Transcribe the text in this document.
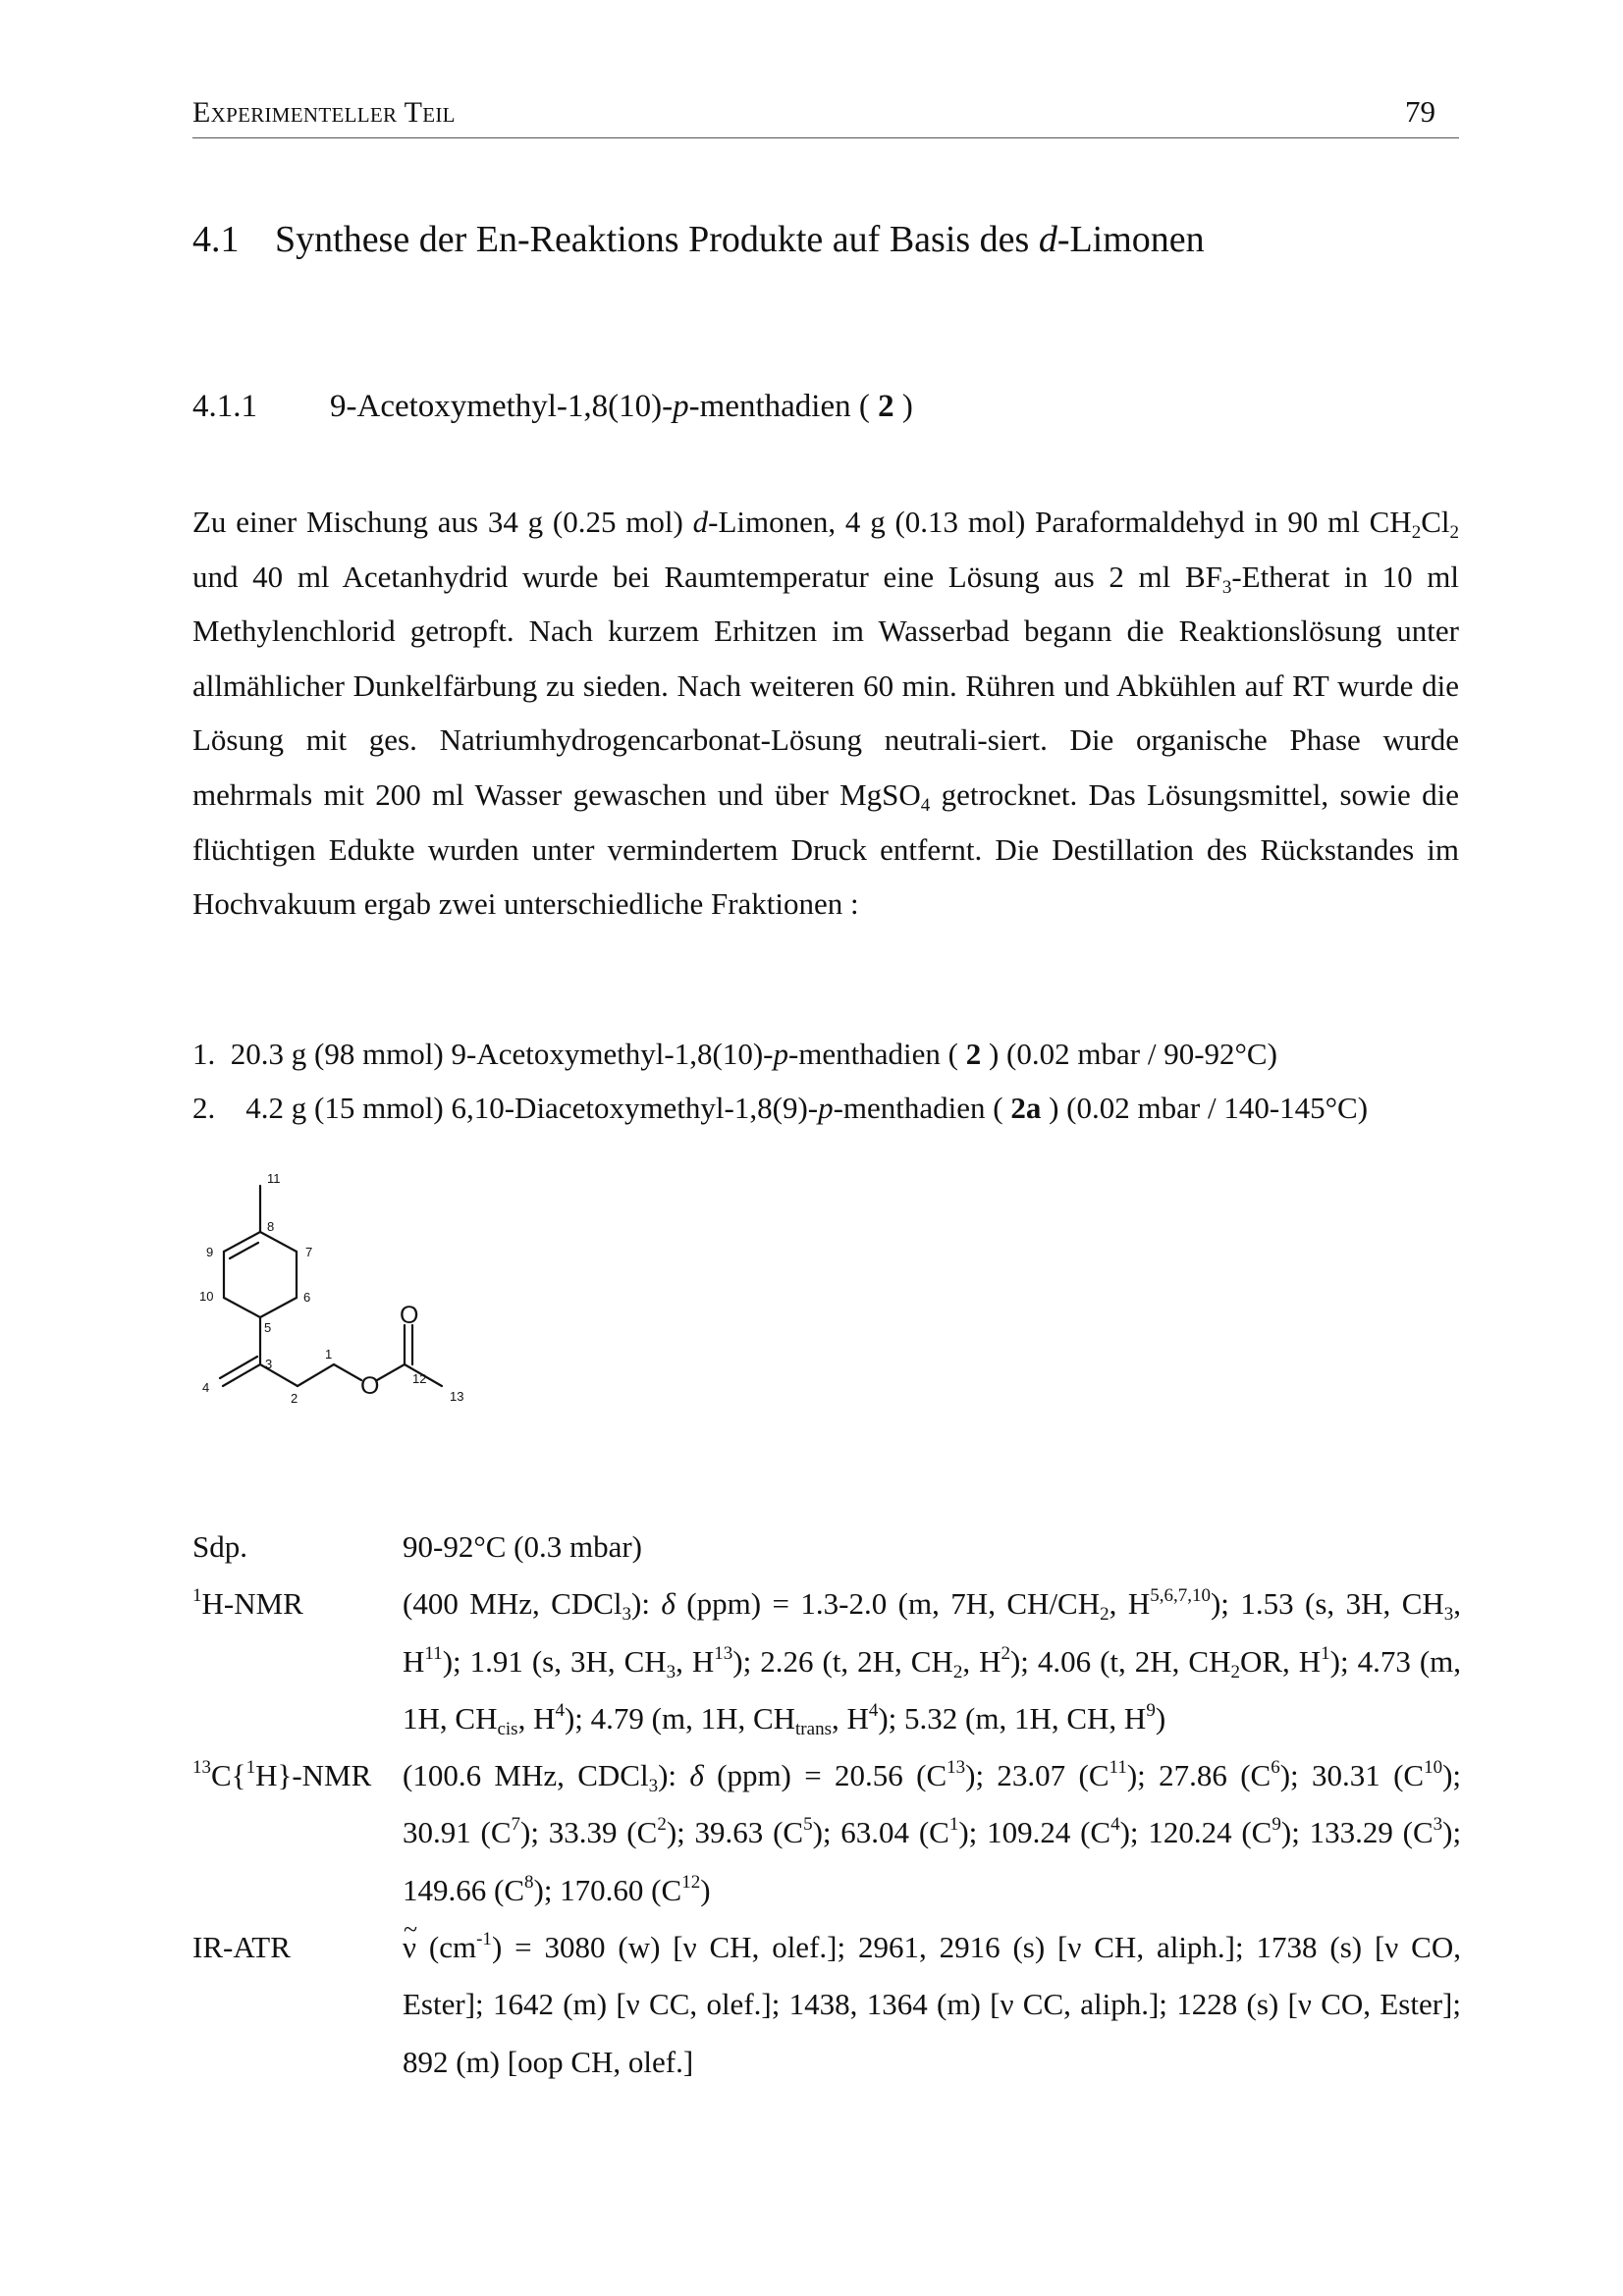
Experimenteller Teil	79
4.1 Synthese der En-Reaktions Produkte auf Basis des d-Limonen
4.1.1 9-Acetoxymethyl-1,8(10)-p-menthadien ( 2 )
Zu einer Mischung aus 34 g (0.25 mol) d-Limonen, 4 g (0.13 mol) Paraformaldehyd in 90 ml $CH_2Cl_2$ und 40 ml Acetanhydrid wurde bei Raumtemperatur eine Lösung aus 2 ml $BF_3$-Etherat in 10 ml Methylenchlorid getropft. Nach kurzem Erhitzen im Wasserbad begann die Reaktionslösung unter allmählicher Dunkelfärbung zu sieden. Nach weiteren 60 min. Rühren und Abkühlen auf RT wurde die Lösung mit ges. Natriumhydrogencarbonat-Lösung neutrali-siert. Die organische Phase wurde mehrmals mit 200 ml Wasser gewaschen und über MgSO$_4$ getrocknet. Das Lösungsmittel, sowie die flüchtigen Edukte wurden unter vermindertem Druck entfernt. Die Destillation des Rückstandes im Hochvakuum ergab zwei unterschiedliche Fraktionen :
1. 20.3 g (98 mmol) 9-Acetoxymethyl-1,8(10)-p-menthadien ( 2 ) (0.02 mbar / 90-92°C)
2. 4.2 g (15 mmol) 6,10-Diacetoxymethyl-1,8(9)-p-menthadien ( 2a ) (0.02 mbar / 140-145°C)
11
8
9	7
10	6
5
3
1
4
2
12
13
O
O
Sdp.	90-92°C (0.3 mbar)
$^1$H-NMR	(400 MHz, CDCl$_3$): δ (ppm) = 1.3-2.0 (m, 7H, $CH/CH_2$, H$^{5,6,7,10}$); 1.53 (s, 3H, $CH_3$, $H^{11}$); 1.91 (s, 3H, $CH_3$, $H^{13}$); 2.26 (t, 2H, $CH_2$, $H^2$); 4.06 (t, 2H, $CH_2OR$, $H^1$); 4.73 (m, 1H, $CH_{cis}$, $H^4$); 4.79 (m, 1H, $CH_{trans}$, $H^4$); 5.32 (m, 1H, CH, $H^9$)
$^{13}$C{$^1$H}-NMR (100.6 MHz, CDCl$_3$): δ (ppm) = 20.56 $(C^{13})$; 23.07 $(C^{11})$; 27.86 $(C^6)$; 30.31 $(C^{10})$; 30.91 $(C^7)$; 33.39 $(C^2)$; 39.63 $(C^5)$; 63.04 $(C^1)$; 109.24 $(C^4)$; 120.24 $(C^9)$; 133.29 $(C^3)$; 149.66 $(C^8)$; 170.60 $(C^{12})$
IR-ATR	~ ν $(cm^{-1}) = 3080$ (w) [ν CH, olef.]; 2961, 2916 (s) [ν CH, aliph.]; 1738 (s) [ν CO, Ester]; 1642 (m) [ν CC, olef.]; 1438, 1364 (m) [ν CC, aliph.]; 1228 (s) [ν CO, Ester]; 892 (m) [oop CH, olef.]
